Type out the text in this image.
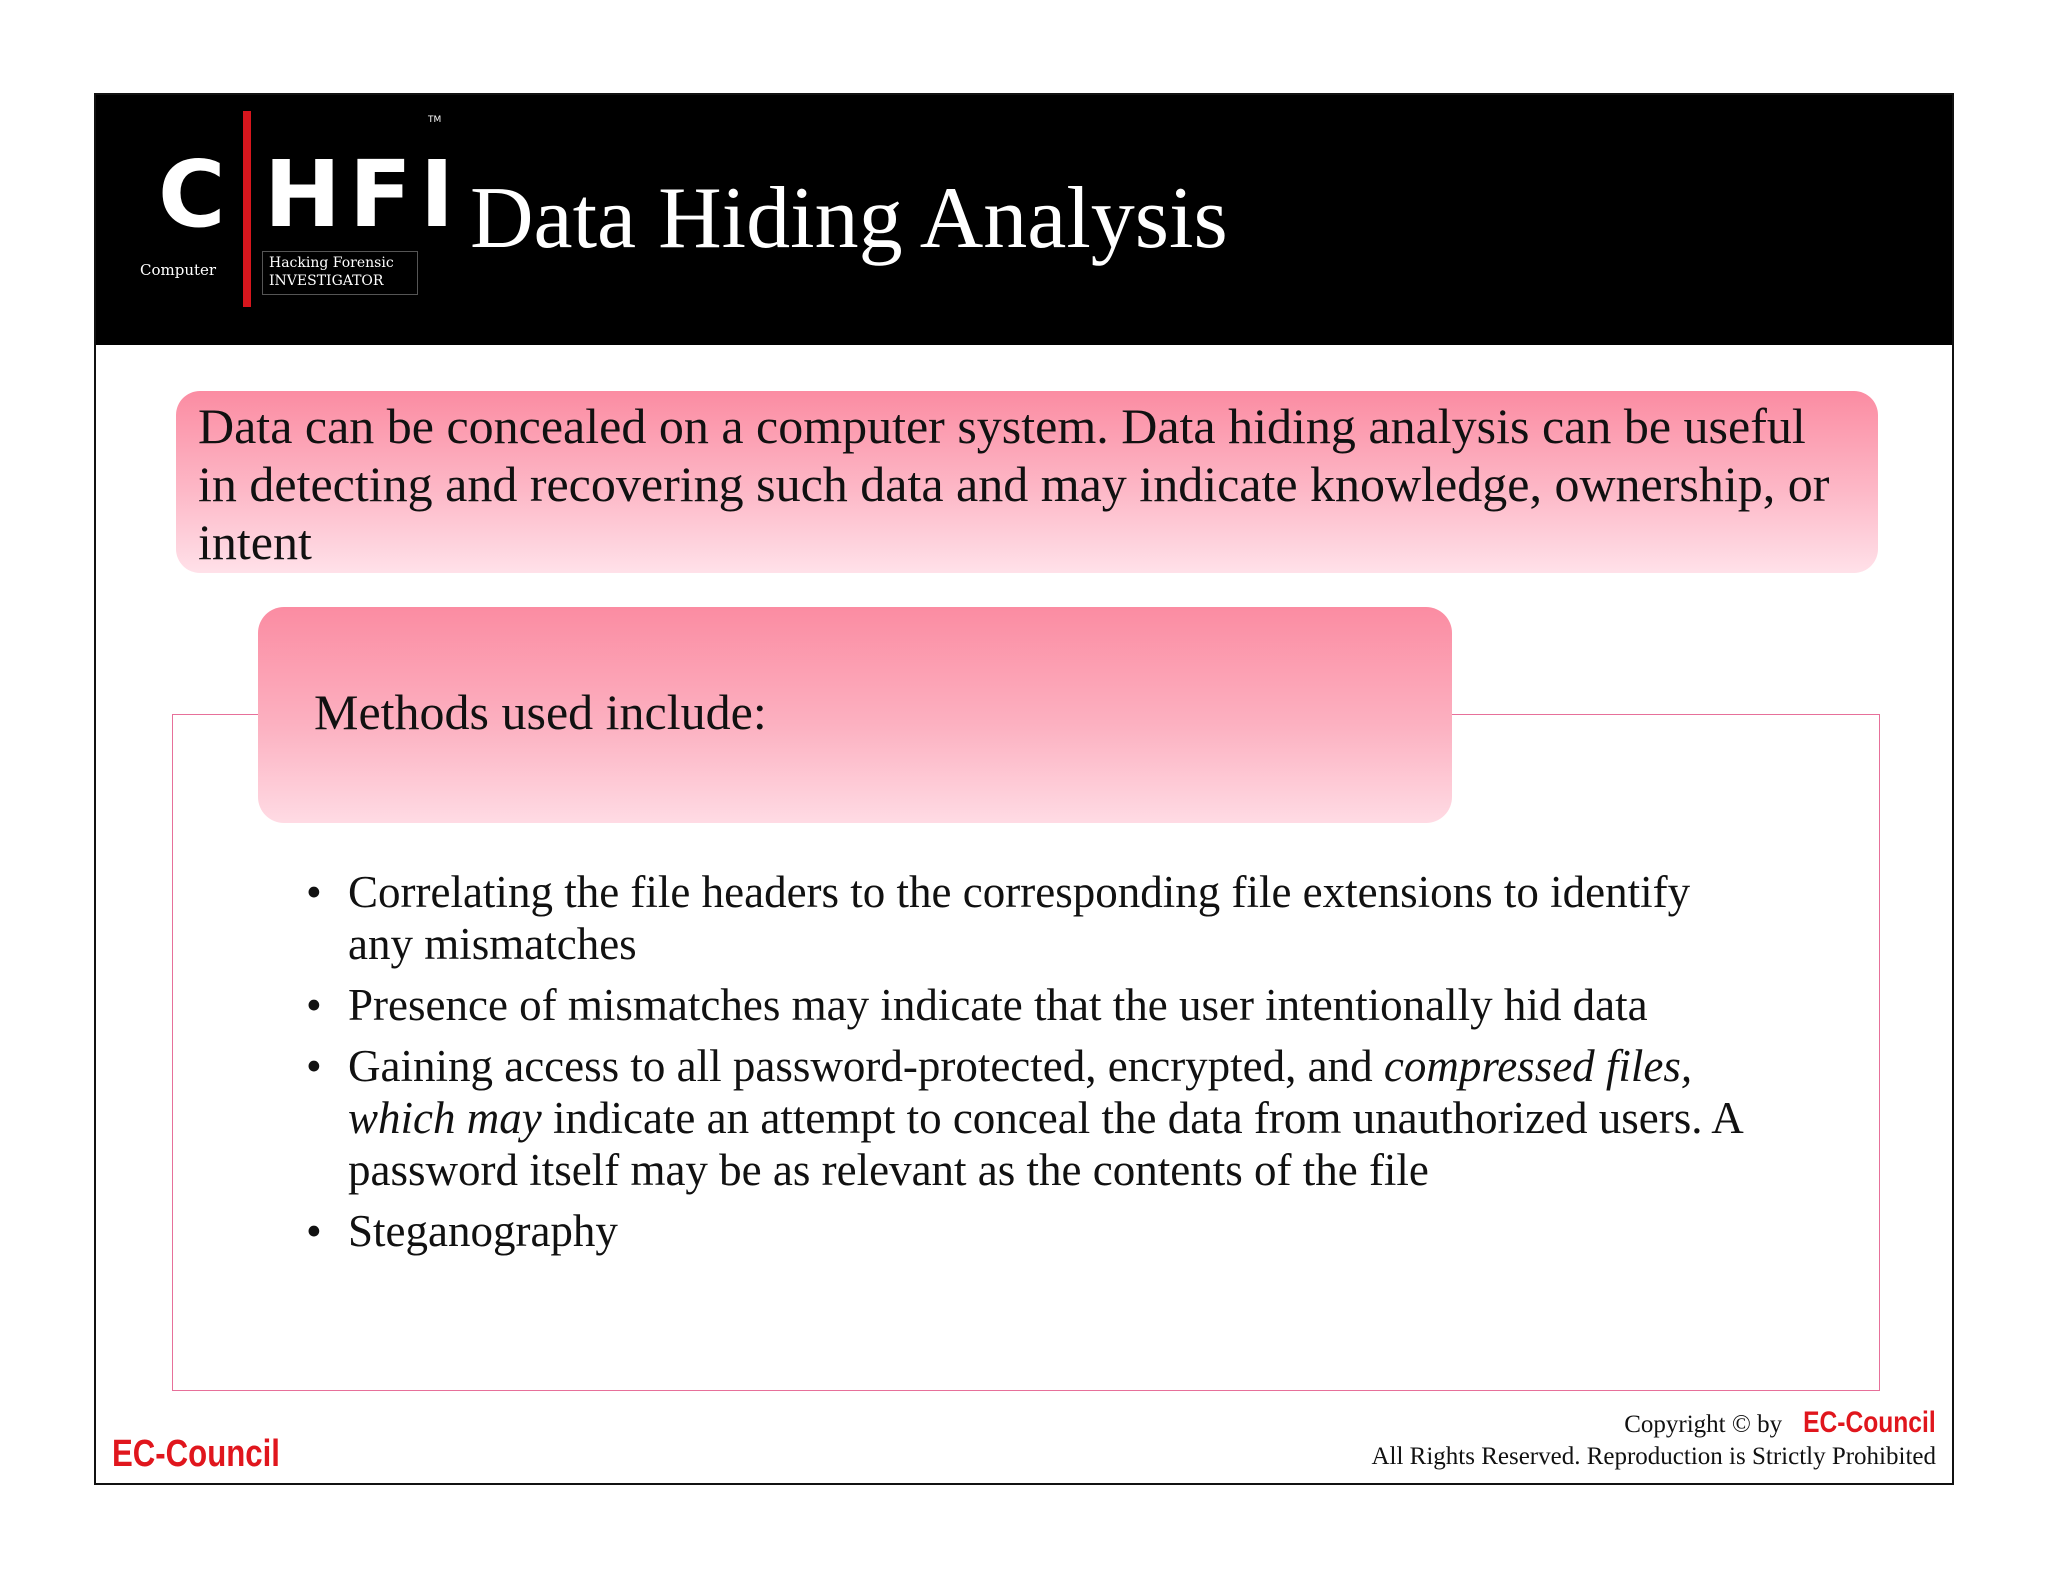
C HFI
TM
Computer	Hacking Forensic
INVESTIGATOR
Data Hiding Analysis
Data can be concealed on a computer system. Data hiding analysis can be useful in detecting and recovering such data and may indicate knowledge, ownership, or intent
Methods used include:
• Correlating the file headers to the corresponding file extensions to identify any mismatches
• Presence of mismatches may indicate that the user intentionally hid data
• Gaining access to all password-protected, encrypted, and compressed files, which may indicate an attempt to conceal the data from unauthorized users. A password itself may be as relevant as the contents of the file
• Steganography
EC-Council
Copyright © by EC-Council
All Rights Reserved. Reproduction is Strictly Prohibited
